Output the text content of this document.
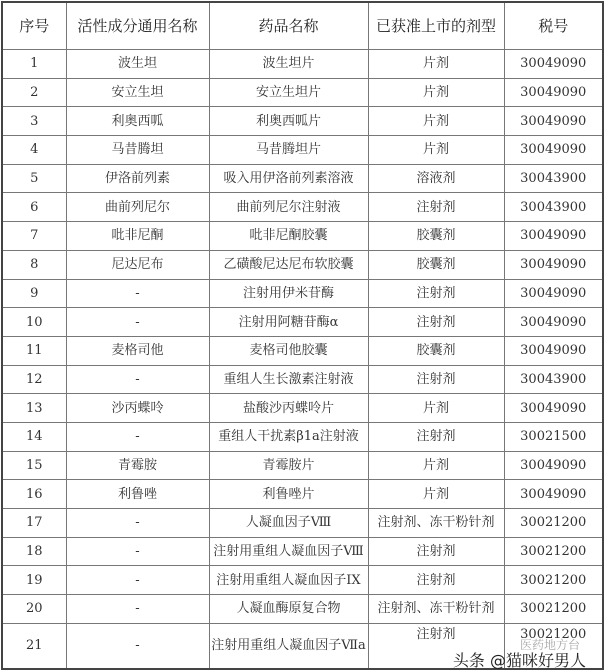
序号	活性成分通用名称	药品名称	已获准上市的剂型	税号
1	波生坦	波生坦片	片剂	30049090
2	安立生坦	安立生坦片	片剂	30049090
3	利奥西呱	利奥西呱片	片剂	30049090
4	马昔腾坦	马昔腾坦片	片剂	30049090
5	伊洛前列素	吸入用伊洛前列素溶液	溶液剂	30043900
6	曲前列尼尔	曲前列尼尔注射液	注射剂	30043900
7	吡非尼酮	吡非尼酮胶囊	胶囊剂	30049090
8	尼达尼布	乙磺酸尼达尼布软胶囊	胶囊剂	30049090
9	-	注射用伊米苷酶	注射剂	30049090
10	-	注射用阿糖苷酶α	注射剂	30049090
11	麦格司他	麦格司他胶囊	胶囊剂	30049090
12	-	重组人生长激素注射液	注射剂	30043900
13	沙丙蝶呤	盐酸沙丙蝶呤片	片剂	30049090
14	-	重组人干扰素β1a注射液	注射剂	30021500
15	青霉胺	青霉胺片	片剂	30049090
16	利鲁唑	利鲁唑片	片剂	30049090
17	-	人凝血因子Ⅷ	注射剂、冻干粉针剂	30021200
18	-	注射用重组人凝血因子Ⅷ	注射剂	30021200
19	-	注射用重组人凝血因子IX	注射剂	30021200
20	-	人凝血酶原复合物	注射剂、冻干粉针剂	30021200
21	-	注射用重组人凝血因子Ⅶa	注射剂	30021200
医药地方台
头条 @猫咪好男人
